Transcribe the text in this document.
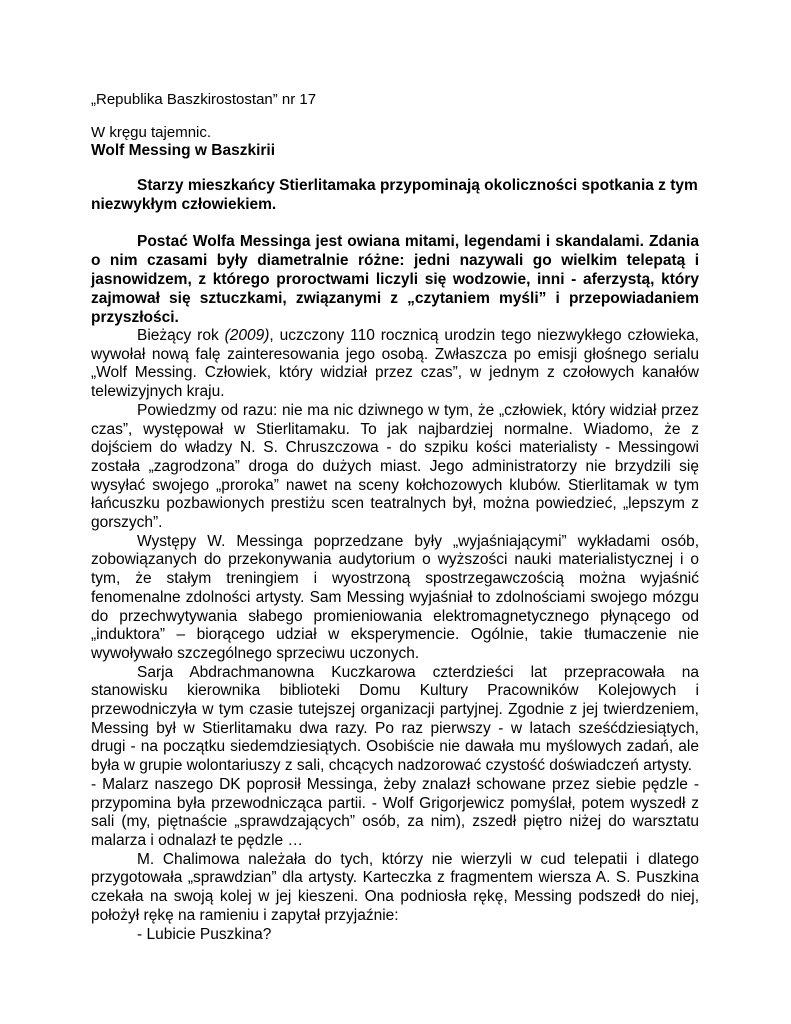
„Republika Baszkirostostan” nr 17
W kręgu tajemnic.
Wolf Messing w Baszkirii
Starzy mieszkańcy Stierlitamaka przypominają okoliczności spotkania z tym niezwykłym człowiekiem.
Postać Wolfa Messinga jest owiana mitami, legendami i skandalami. Zdania o nim czasami były diametralnie różne: jedni nazywali go wielkim telepatą i jasnowidzem, z którego proroctwami liczyli się wodzowie, inni - aferzystą, który zajmował się sztuczkami, związanymi z „czytaniem myśli” i przepowiadaniem przyszłości.
Bieżący rok (2009), uczczony 110 rocznicą urodzin tego niezwykłego człowieka,
wywołał nową falę zainteresowania jego osobą. Zwłaszcza po emisji głośnego serialu
„Wolf Messing. Człowiek, który widział przez czas”, w jednym z czołowych kanałów
telewizyjnych kraju.
Powiedzmy od razu: nie ma nic dziwnego w tym, że „człowiek, który widział przez
czas”, występował w Stierlitamaku. To jak najbardziej normalne. Wiadomo, że z
dojściem do władzy N. S. Chruszczowa - do szpiku kości materialisty - Messingowi
została „zagrodzona” droga do dużych miast. Jego administratorzy nie brzydzili się
wysyłać swojego „proroka” nawet na sceny kołchozowych klubów. Stierlitamak w tym
łańcuszku pozbawionych prestiżu scen teatralnych był, można powiedzieć, „lepszym z
gorszych”.
Występy W. Messinga poprzedzane były „wyjaśniającymi” wykładami osób,
zobowiązanych do przekonywania audytorium o wyższości nauki materialistycznej i o
tym, że stałym treningiem i wyostrzoną spostrzegawczością można wyjaśnić
fenomenalne zdolności artysty. Sam Messing wyjaśniał to zdolnościami swojego mózgu
do przechwytywania słabego promieniowania elektromagnetycznego płynącego od
„induktora” – biorącego udział w eksperymencie. Ogólnie, takie tłumaczenie nie
wywoływało szczególnego sprzeciwu uczonych.
Sarja Abdrachmanowna Kuczkarowa czterdzieści lat przepracowała na
stanowisku kierownika biblioteki Domu Kultury Pracowników Kolejowych i
przewodniczyła w tym czasie tutejszej organizacji partyjnej. Zgodnie z jej twierdzeniem,
Messing był w Stierlitamaku dwa razy. Po raz pierwszy - w latach sześćdziesiątych,
drugi - na początku siedemdziesiątych. Osobiście nie dawała mu myślowych zadań, ale
była w grupie wolontariuszy z sali, chcących nadzorować czystość doświadczeń artysty.
- Malarz naszego DK poprosił Messinga, żeby znalazł schowane przez siebie pędzle -
przypomina była przewodnicząca partii. - Wolf Grigorjewicz pomyślał, potem wyszedł z
sali (my, piętnaście „sprawdzających” osób, za nim), zszedł piętro niżej do warsztatu
malarza i odnalazł te pędzle …
M. Chalimowa należała do tych, którzy nie wierzyli w cud telepatii i dlatego
przygotowała „sprawdzian” dla artysty. Karteczka z fragmentem wiersza A. S. Puszkina
czekała na swoją kolej w jej kieszeni. Ona podniosła rękę, Messing podszedł do niej,
położył rękę na ramieniu i zapytał przyjaźnie:
- Lubicie Puszkina?
